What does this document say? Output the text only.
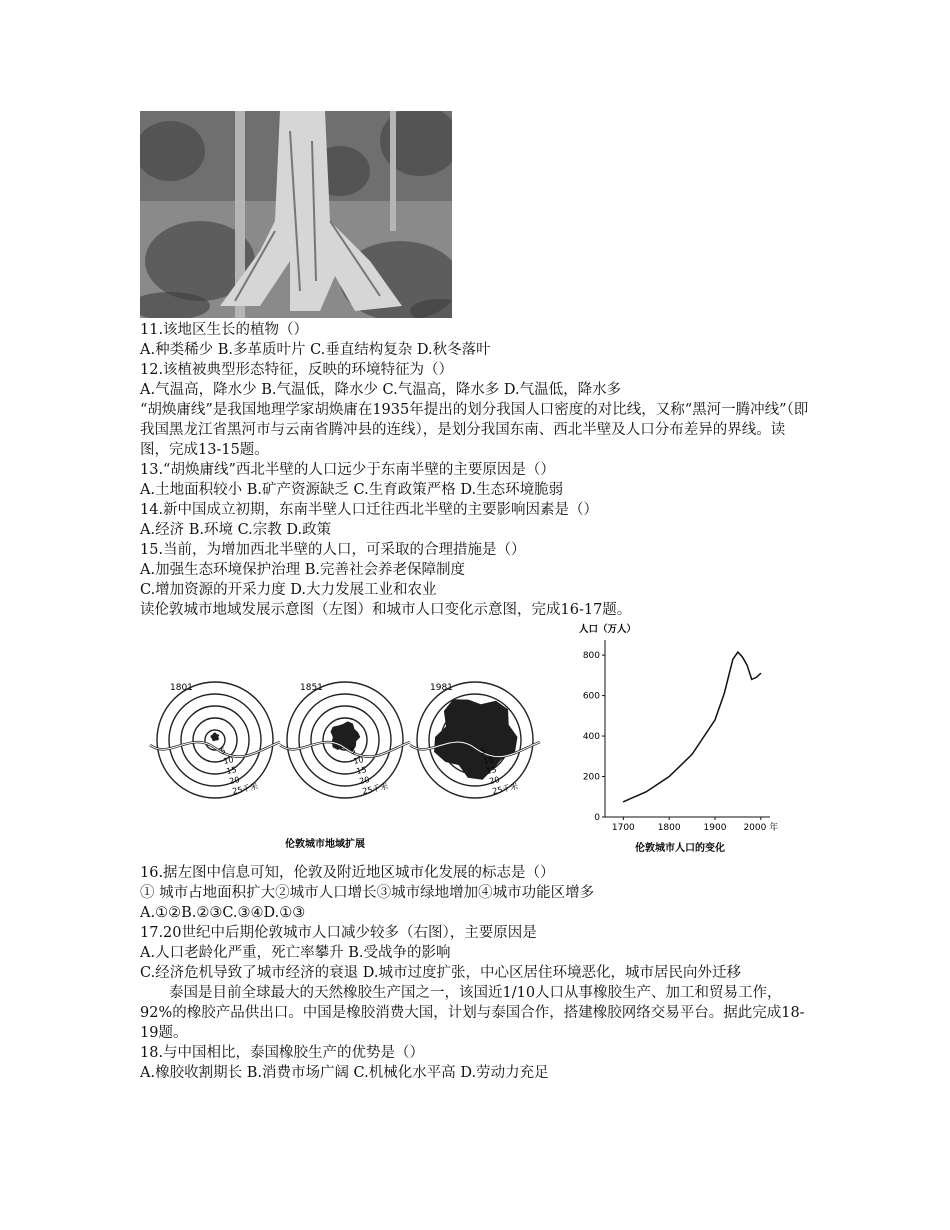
11.该地区生长的植物（）
A.种类稀少 B.多革质叶片 C.垂直结构复杂 D.秋冬落叶
12.该植被典型形态特征，反映的环境特征为（）
A.气温高，降水少 B.气温低，降水少 C.气温高，降水多 D.气温低，降水多
“胡焕庸线”是我国地理学家胡焕庸在1935年提出的划分我国人口密度的对比线，又称“黑河一腾冲线”（即我国黑龙江省黑河市与云南省腾冲县的连线），是划分我国东南、西北半壁及人口分布差异的界线。读图，完成13-15题。
13.“胡焕庸线”西北半壁的人口远少于东南半壁的主要原因是（）
A.土地面积较小 B.矿产资源缺乏 C.生育政策严格 D.生态环境脆弱
14.新中国成立初期，东南半壁人口迁往西北半壁的主要影响因素是（）
A.经济 B.环境 C.宗教 D.政策
15.当前，为增加西北半壁的人口，可采取的合理措施是（）
A.加强生态环境保护治理 B.完善社会养老保障制度
C.增加资源的开采力度 D.大力发展工业和农业
读伦敦城市地域发展示意图（左图）和城市人口变化示意图，完成16-17题。
1801
5
10
15
20
25千米
1851
5
10
15
20
25千米
1981
5
10
15
20
25千米
伦敦城市地域扩展
人口（万人）
伦敦城市人口的变化
0
200
400
600
800
1700	1800	1900 2000 年
16.据左图中信息可知，伦敦及附近地区城市化发展的标志是（）
① 城市占地面积扩大②城市人口增长③城市绿地增加④城市功能区增多
A.①②B.②③C.③④D.①③
17.20世纪中后期伦敦城市人口减少较多（右图），主要原因是
A.人口老龄化严重，死亡率攀升 B.受战争的影响
C.经济危机导致了城市经济的衰退 D.城市过度扩张，中心区居住环境恶化，城市居民向外迁移
泰国是目前全球最大的天然橡胶生产国之一，该国近1/10人口从事橡胶生产、加工和贸易工作，92%的橡胶产品供出口。中国是橡胶消费大国，计划与泰国合作，搭建橡胶网络交易平台。据此完成18-19题。
18.与中国相比，泰国橡胶生产的优势是（）
A.橡胶收割期长 B.消费市场广阔 C.机械化水平高 D.劳动力充足
